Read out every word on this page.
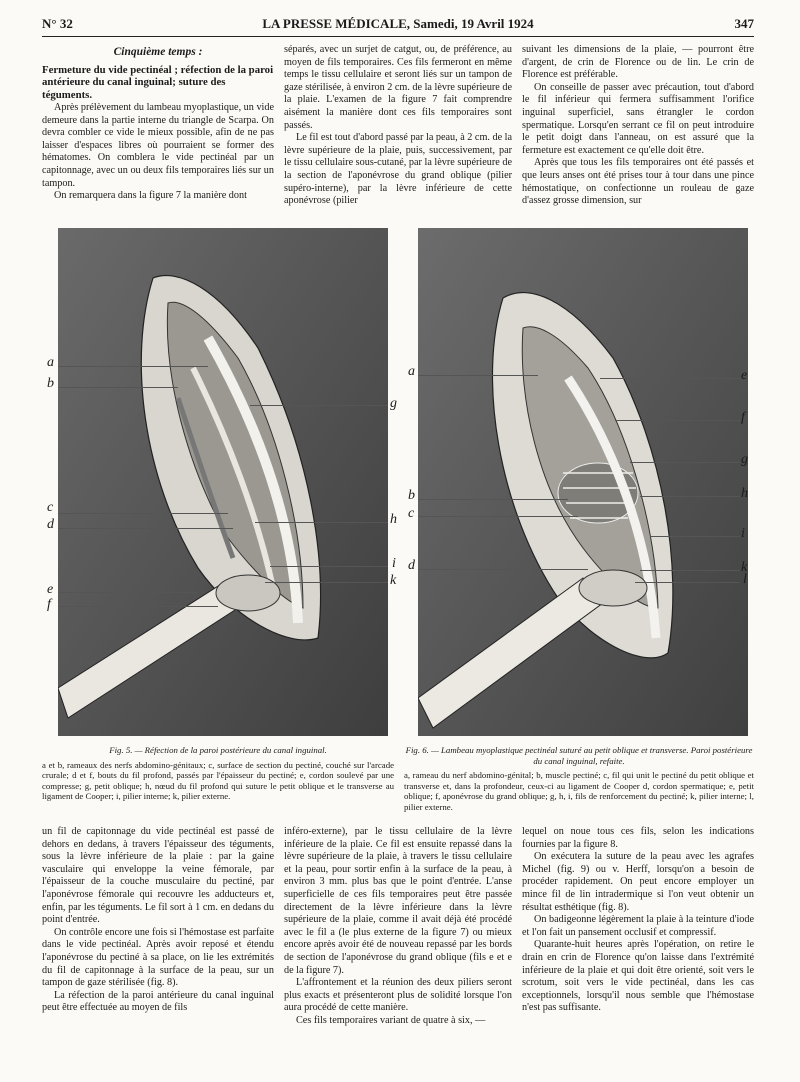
N° 32	LA PRESSE MÉDICALE, Samedi, 19 Avril 1924	347
Cinquième temps :

Fermeture du vide pectinéal ; réfection de la paroi antérieure du canal inguinal; suture des téguments.

Après prélèvement du lambeau myoplastique, un vide demeure dans la partie interne du triangle de Scarpa. On devra combler ce vide le mieux possible, afin de ne pas laisser d'espaces libres où pourraient se former des hématomes. On comblera le vide pectinéal par un capitonnage, avec un ou deux fils temporaires liés sur un tampon.

On remarquera dans la figure 7 la manière dont

séparés, avec un surjet de catgut, ou, de préférence, au moyen de fils temporaires. Ces fils fermeront en même temps le tissu cellulaire et seront liés sur un tampon de gaze stérilisée, à environ 2 cm. de la lèvre supérieure de la plaie. L'examen de la figure 7 fait comprendre aisément la manière dont ces fils temporaires sont passés.

Le fil est tout d'abord passé par la peau, à 2 cm. de la lèvre supérieure de la plaie, puis, successivement, par le tissu cellulaire sous-cutané, par la lèvre supérieure de la section de l'aponévrose du grand oblique (pilier supéro-interne), par la lèvre inférieure de cette aponévrose (pilier

suivant les dimensions de la plaie, — pourront être d'argent, de crin de Florence ou de lin. Le crin de Florence est préférable.

On conseille de passer avec précaution, tout d'abord le fil inférieur qui fermera suffisamment l'orifice inguinal superficiel, sans étrangler le cordon spermatique. Lorsqu'en serrant ce fil on peut introduire le petit doigt dans l'anneau, on est assuré que la fermeture est exactement ce qu'elle doit être.

Après que tous les fils temporaires ont été passés et que leurs anses ont été prises tour à tour dans une pince hémostatique, on confectionne un rouleau de gaze d'assez grosse dimension, sur

a
b
g
c
d	h
i
k
e
f
a	e
f
g
b	h
c
i
d	k
l
Fig. 5. — Réfection de la paroi postérieure du canal inguinal.
a et b, rameaux des nerfs abdomino-génitaux; c, surface de section du pectiné, couché sur l'arcade crurale; d et f, bouts du fil profond, passés par l'épaisseur du pectiné; e, cordon soulevé par une compresse; g, petit oblique; h, nœud du fil profond qui suture le petit oblique et le transverse au ligament de Cooper; i, pilier interne; k, pilier externe.
Fig. 6. — Lambeau myoplastique pectinéal suturé au petit oblique et transverse. Paroi postérieure du canal inguinal, refaite.
a, rameau du nerf abdomino-génital; b, muscle pectiné; c, fil qui unit le pectiné du petit oblique et transverse et, dans la profondeur, ceux-ci au ligament de Cooper d, cordon spermatique; e, petit oblique; f, aponévrose du grand oblique; g, h, i, fils de renforcement du pectiné; k, pilier interne; l, pilier externe.

un fil de capitonnage du vide pectinéal est passé de dehors en dedans, à travers l'épaisseur des téguments, sous la lèvre inférieure de la plaie : par la gaine vasculaire qui enveloppe la veine fémorale, par l'épaisseur de la couche musculaire du pectiné, par l'aponévrose fémorale qui recouvre les adducteurs et, enfin, par les téguments. Le fil sort à 1 cm. en dedans du point d'entrée.

On contrôle encore une fois si l'hémostase est parfaite dans le vide pectinéal. Après avoir reposé et étendu l'aponévrose du pectiné à sa place, on lie les extrémités du fil de capitonnage à la surface de la peau, sur un tampon de gaze stérilisée (fig. 8).

La réfection de la paroi antérieure du canal inguinal peut être effectuée au moyen de fils

inféro-externe), par le tissu cellulaire de la lèvre inférieure de la plaie. Ce fil est ensuite repassé dans la lèvre supérieure de la plaie, à travers le tissu cellulaire et la peau, pour sortir enfin à la surface de la peau, à environ 3 mm. plus bas que le point d'entrée. L'anse superficielle de ces fils temporaires peut être passée directement de la lèvre inférieure dans la lèvre supérieure de la plaie, comme il avait déjà été procédé avec le fil a (le plus externe de la figure 7) ou mieux encore après avoir été de nouveau repassé par les bords de section de l'aponévrose du grand oblique (fils e et e de la figure 7).

L'affrontement et la réunion des deux piliers seront plus exacts et présenteront plus de solidité lorsque l'on aura procédé de cette manière.

Ces fils temporaires variant de quatre à six, —

lequel on noue tous ces fils, selon les indications fournies par la figure 8.

On exécutera la suture de la peau avec les agrafes Michel (fig. 9) ou v. Herff, lorsqu'on a besoin de procéder rapidement. On peut encore employer un mince fil de lin intradermique si l'on veut obtenir un résultat esthétique (fig. 8).

On badigeonne légèrement la plaie à la teinture d'iode et l'on fait un pansement occlusif et compressif.

Quarante-huit heures après l'opération, on retire le drain en crin de Florence qu'on laisse dans l'extrémité inférieure de la plaie et qui doit être orienté, soit vers le scrotum, soit vers le vide pectinéal, dans les cas exceptionnels, lorsqu'il nous semble que l'hémostase n'est pas suffisante.
